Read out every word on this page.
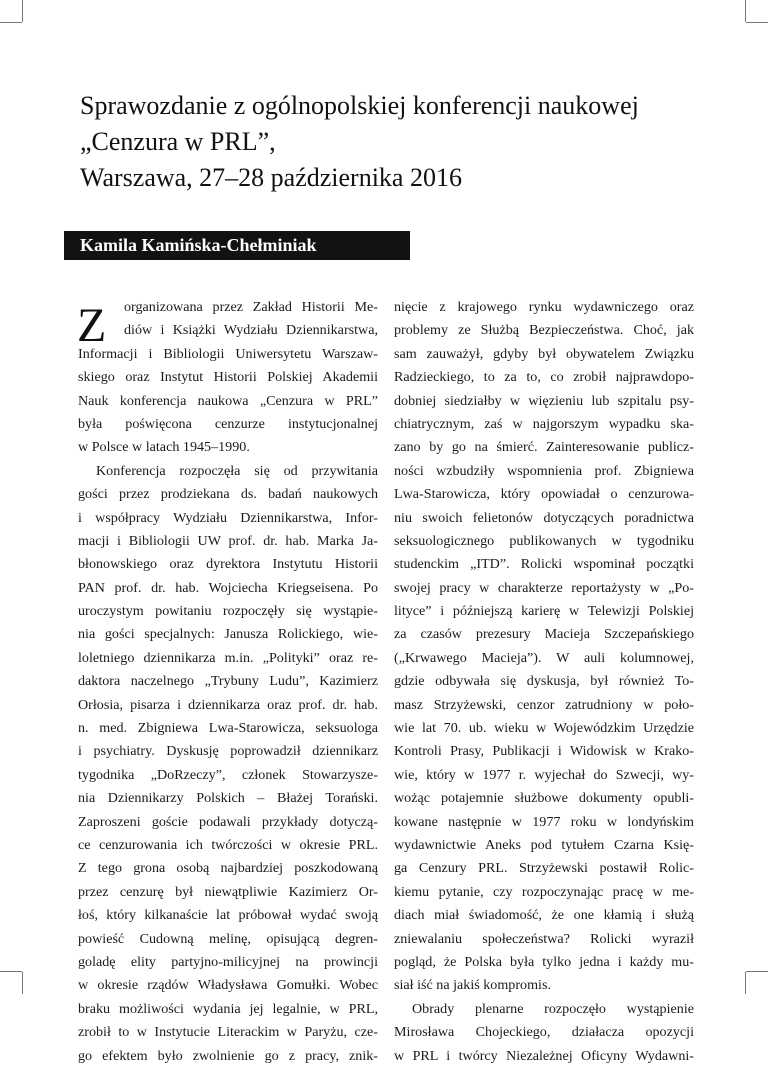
Sprawozdanie z ogólnopolskiej konferencji naukowej
„Cenzura w PRL”,
Warszawa, 27–28 października 2016
Kamila Kamińska-Chełminiak
Z	organizowana przez Zakład Historii Me-
diów i Książki Wydziału Dziennikarstwa,
Informacji i Bibliologii Uniwersytetu Warszaw-
skiego oraz Instytut Historii Polskiej Akademii
Nauk konferencja naukowa „Cenzura w PRL”
była poświęcona cenzurze instytucjonalnej
w Polsce w latach 1945–1990.
Konferencja rozpoczęła się od przywitania
gości przez prodziekana ds. badań naukowych
i współpracy Wydziału Dziennikarstwa, Infor-
macji i Bibliologii UW prof. dr. hab. Marka Ja-
błonowskiego oraz dyrektora Instytutu Historii
PAN prof. dr. hab. Wojciecha Kriegseisena. Po
uroczystym powitaniu rozpoczęły się wystąpie-
nia gości specjalnych: Janusza Rolickiego, wie-
loletniego dziennikarza m.in. „Polityki” oraz re-
daktora naczelnego „Trybuny Ludu”, Kazimierz
Orłosia, pisarza i dziennikarza oraz prof. dr. hab.
n. med. Zbigniewa Lwa-Starowicza, seksuologa
i psychiatry. Dyskusję poprowadził dziennikarz
tygodnika „DoRzeczy”, członek Stowarzysze-
nia Dziennikarzy Polskich – Błażej Torański.
Zaproszeni goście podawali przykłady dotyczą-
ce cenzurowania ich twórczości w okresie PRL.
Z tego grona osobą najbardziej poszkodowaną
przez cenzurę był niewątpliwie Kazimierz Or-
łoś, który kilkanaście lat próbował wydać swoją
powieść Cudowną melinę, opisującą degren-
goladę elity partyjno-milicyjnej na prowincji
w okresie rządów Władysława Gomułki. Wobec
braku możliwości wydania jej legalnie, w PRL,
zrobił to w Instytucie Literackim w Paryżu, cze-
go efektem było zwolnienie go z pracy, znik-
nięcie z krajowego rynku wydawniczego oraz
problemy ze Służbą Bezpieczeństwa. Choć, jak
sam zauważył, gdyby był obywatelem Związku
Radzieckiego, to za to, co zrobił najprawdopo-
dobniej siedziałby w więzieniu lub szpitalu psy-
chiatrycznym, zaś w najgorszym wypadku ska-
zano by go na śmierć. Zainteresowanie publicz-
ności wzbudziły wspomnienia prof. Zbigniewa
Lwa-Starowicza, który opowiadał o cenzurowa-
niu swoich felietonów dotyczących poradnictwa
seksuologicznego publikowanych w tygodniku
studenckim „ITD”. Rolicki wspominał początki
swojej pracy w charakterze reportażysty w „Po-
lityce” i późniejszą karierę w Telewizji Polskiej
za czasów prezesury Macieja Szczepańskiego
(„Krwawego Macieja”). W auli kolumnowej,
gdzie odbywała się dyskusja, był również To-
masz Strzyżewski, cenzor zatrudniony w poło-
wie lat 70. ub. wieku w Wojewódzkim Urzędzie
Kontroli Prasy, Publikacji i Widowisk w Krako-
wie, który w 1977 r. wyjechał do Szwecji, wy-
wożąc potajemnie służbowe dokumenty opubli-
kowane następnie w 1977 roku w londyńskim
wydawnictwie Aneks pod tytułem Czarna Księ-
ga Cenzury PRL. Strzyżewski postawił Rolic-
kiemu pytanie, czy rozpoczynając pracę w me-
diach miał świadomość, że one kłamią i służą
zniewalaniu społeczeństwa? Rolicki wyraził
pogląd, że Polska była tylko jedna i każdy mu-
siał iść na jakiś kompromis.
Obrady plenarne rozpoczęło wystąpienie
Mirosława Chojeckiego, działacza opozycji
w PRL i twórcy Niezależnej Oficyny Wydawni-
